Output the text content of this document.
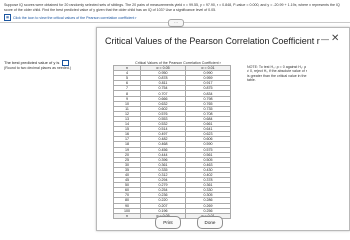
Suppose IQ scores were obtained for 20 randomly selected sets of siblings. The 20 pairs of measurements yield x = 99.55, y = 97.90, r = 0.848, P-value = 0.000, and y = -20.99 + 1.19x, where x represents the IQ score of the older child. Find the best predicted value of y given that the older child has an IQ of 103? Use a significance level of 0.05.
▦	Click the icon to view the critical values of the Pearson correlation coefficient r
···
The best predicted value of y is
(Round to two decimal places as needed.)
Critical Values of the Pearson Correlation Coefficient r — ✕
Critical Values of the Pearson Correlation Coefficient r
n	α = 0.05	α = 0.01
4	0.950	0.990
5	0.878	0.959
6	0.811	0.917
7	0.754	0.875
8	0.707	0.834
9	0.666	0.798
10	0.632	0.765
11	0.602	0.735
12	0.576	0.708
13	0.553	0.684
14	0.532	0.661
15	0.514	0.641
16	0.497	0.623
17	0.482	0.606
18	0.468	0.590
19	0.456	0.575
20	0.444	0.561
25	0.396	0.505
30	0.361	0.463
35	0.335	0.430
40	0.312	0.402
45	0.294	0.378
50	0.279	0.361
60	0.254	0.330
70	0.236	0.305
80	0.220	0.286
90	0.207	0.269
100	0.196	0.256
n		
NOTE: To test H₀: ρ = 0 against H₁: ρ ≠ 0, reject H₀ if the absolute value of r is greater than the critical value in the table.
Print	Done
